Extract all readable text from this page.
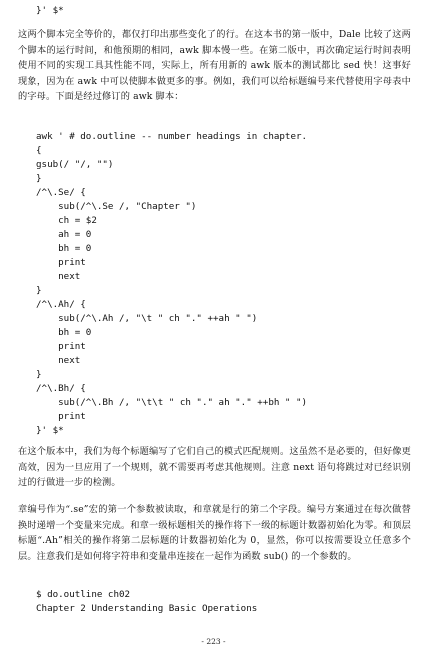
}' $*
这两个脚本完全等价的，都仅打印出那些变化了的行。在这本书的第一版中，Dale 比较了这两个脚本的运行时间，和他预期的相同，awk 脚本慢一些。在第二版中，再次确定运行时间表明使用不同的实现工具其性能不同，实际上，所有用新的 awk 版本的测试都比 sed 快！这事好现象，因为在 awk 中可以使脚本做更多的事。例如，我们可以给标题编号来代替使用字母表中的字母。下面是经过修订的 awk 脚本：
awk ' # do.outline -- number headings in chapter.
{
gsub(/ "/, "")
}
/^\.Se/ {
sub(/^\.Se /, "Chapter ")
ch = $2
ah = 0
bh = 0
print
next
}
/^\.Ah/ {
sub(/^\.Ah /, "\t " ch "." ++ah " ")
bh = 0
print
next
}
/^\.Bh/ {
sub(/^\.Bh /, "\t\t " ch "." ah "." ++bh " ")
print
}' $*
在这个版本中，我们为每个标题编写了它们自己的模式匹配规则。这虽然不是必要的，但好像更高效，因为一旦应用了一个规则，就不需要再考虑其他规则。注意 next 语句将跳过对已经识别过的行做进一步的检测。
章编号作为“.se”宏的第一个参数被读取，和章就是行的第二个字段。编号方案通过在每次做替换时递增一个变量来完成。和章一级标题相关的操作将下一级的标题计数器初始化为零。和顶层标题“.Ah”相关的操作将第二层标题的计数器初始化为 0，显然，你可以按需要设立任意多个层。注意我们是如何将字符串和变量串连接在一起作为函数 sub() 的一个参数的。
$ do.outline ch02
Chapter 2 Understanding Basic Operations
- 223 -
